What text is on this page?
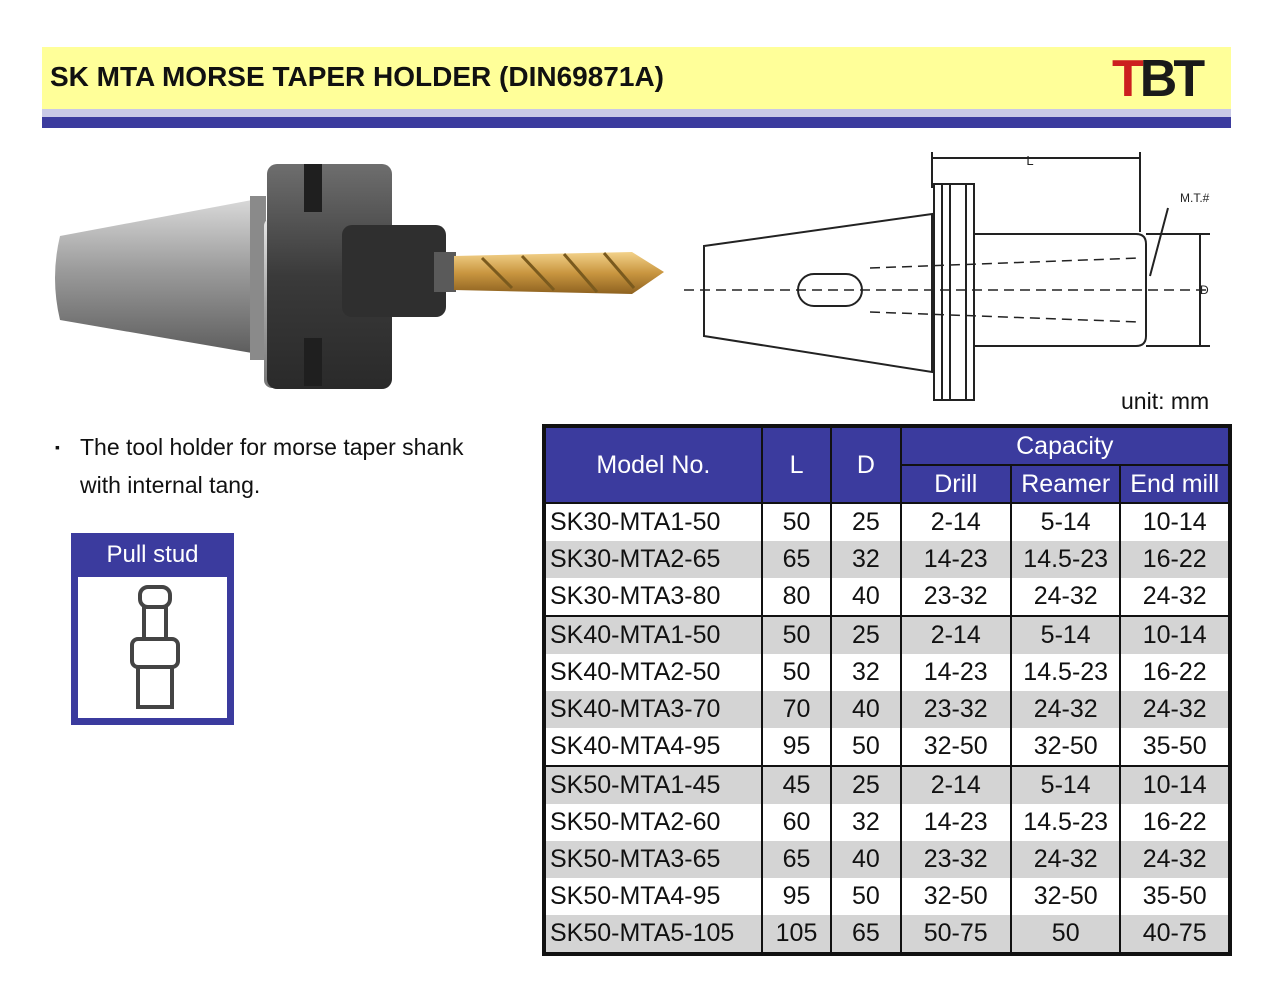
SK MTA MORSE TAPER HOLDER (DIN69871A)	TBT
L
M.T.#
D
unit: mm
▪ The tool holder for morse taper shank with internal tang.
Pull stud
Model No.	L	D	Capacity		
			Drill	Reamer	End mill
SK30-MTA1-50	50	25	2-14	5-14	10-14
SK30-MTA2-65	65	32	14-23	14.5-23	16-22
SK30-MTA3-80	80	40	23-32	24-32	24-32
SK40-MTA1-50	50	25	2-14	5-14	10-14
SK40-MTA2-50	50	32	14-23	14.5-23	16-22
SK40-MTA3-70	70	40	23-32	24-32	24-32
SK40-MTA4-95	95	50	32-50	32-50	35-50
SK50-MTA1-45	45	25	2-14	5-14	10-14
SK50-MTA2-60	60	32	14-23	14.5-23	16-22
SK50-MTA3-65	65	40	23-32	24-32	24-32
SK50-MTA4-95	95	50	32-50	32-50	35-50
SK50-MTA5-105	105	65	50-75	50	40-75
